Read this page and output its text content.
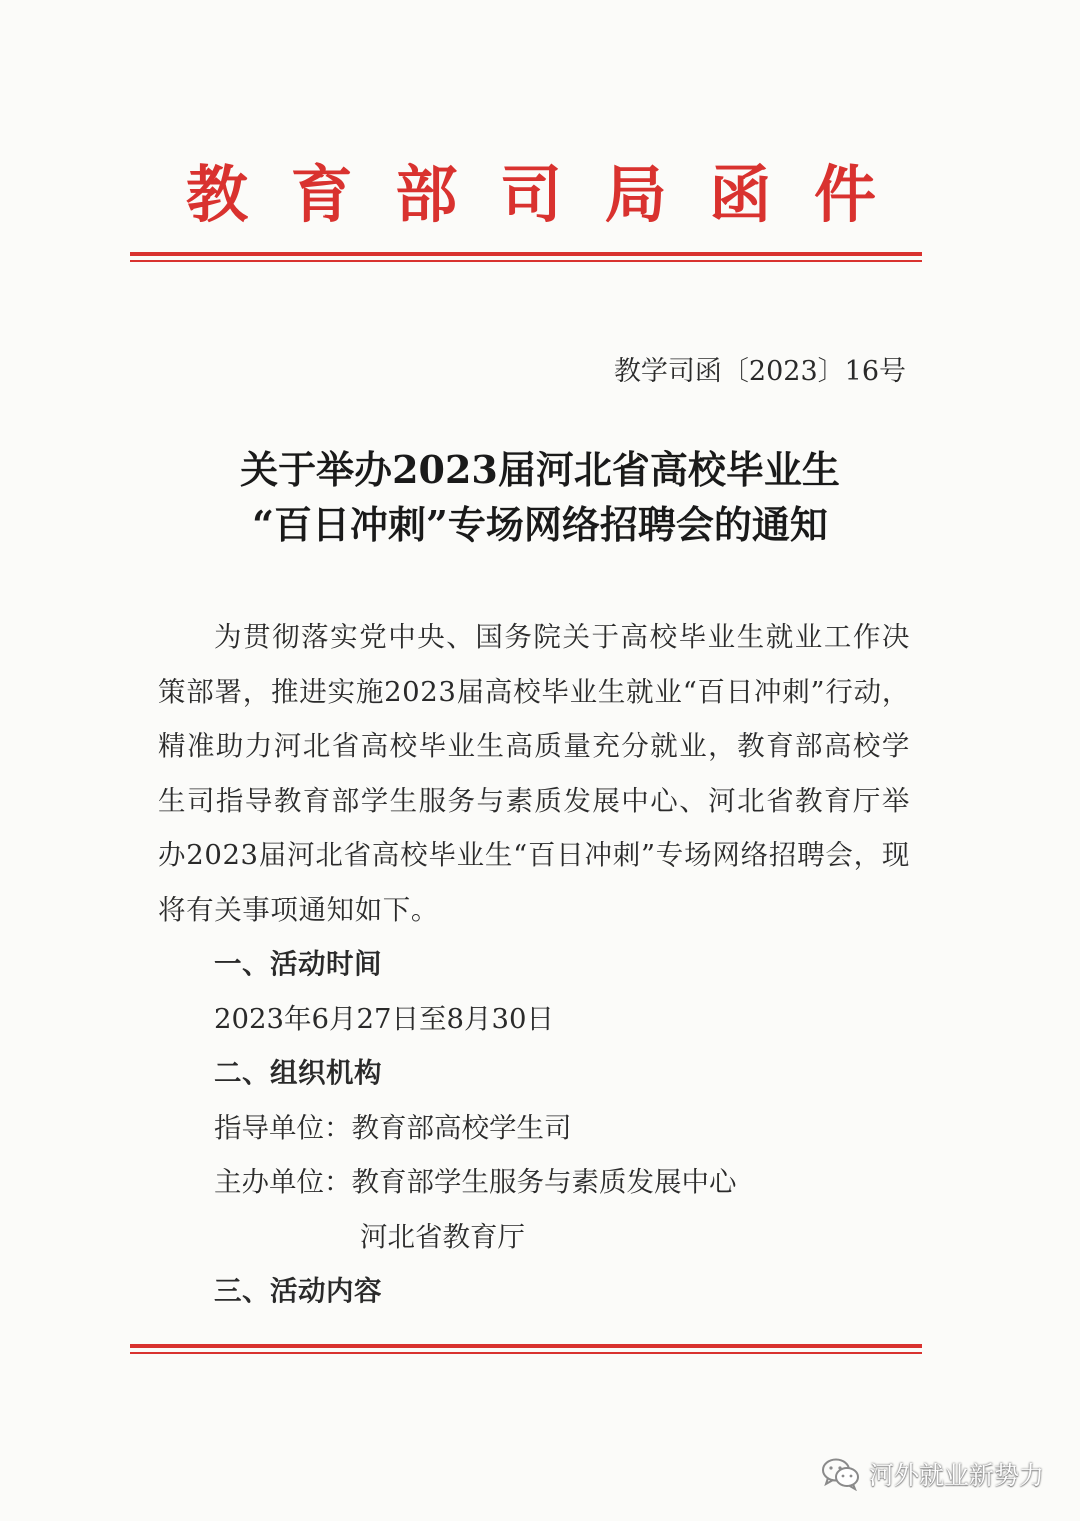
教 育 部 司 局 函 件
教学司函〔2023〕16号
关于举办2023届河北省高校毕业生
“百日冲刺”专场网络招聘会的通知

为贯彻落实党中央、国务院关于高校毕业生就业工作决策部署，推进实施2023届高校毕业生就业“百日冲刺”行动，精准助力河北省高校毕业生高质量充分就业，教育部高校学生司指导教育部学生服务与素质发展中心、河北省教育厅举办2023届河北省高校毕业生“百日冲刺”专场网络招聘会，现将有关事项通知如下。

一、活动时间

2023年6月27日至8月30日

二、组织机构

指导单位：教育部高校学生司

主办单位：教育部学生服务与素质发展中心

河北省教育厅

三、活动内容

河外就业新势力
